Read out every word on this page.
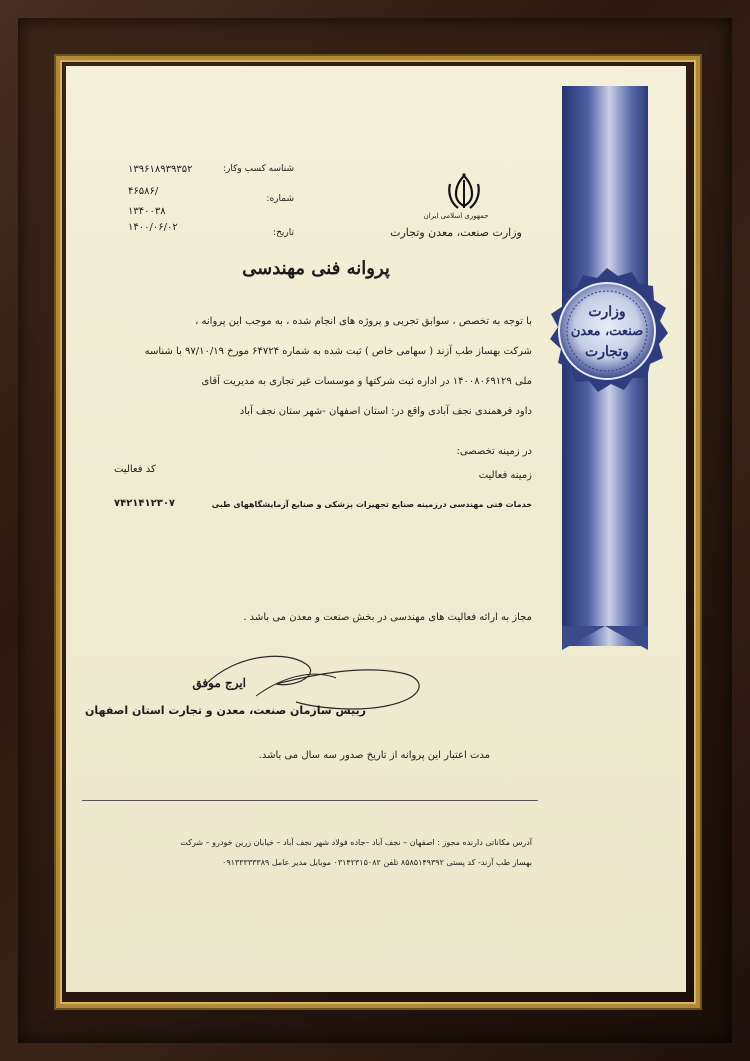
وزارت
صنعت، معدن
وتجارت
۱۳۹۶۱۸۹۳۹۳۵۲	شناسه کسب وکار:
۴۶۵۸۶/
شماره:
۱۳۴۰۰۳۸
۱۴۰۰/۰۶/۰۲	تاریخ:
جمهوری اسلامی ایران
وزارت صنعت، معدن وتجارت
پروانه فنی مهندسی
با توجه به تخصص ، سوابق تجربی و پروژه های انجام شده ، به موجب این پروانه ،
شرکت بهساز طب آزند ( سهامی خاص ) ثبت شده به شماره ۶۴۷۲۴ مورخ ۹۷/۱۰/۱۹ با شناسه
ملی ۱۴۰۰۸۰۶۹۱۲۹ در اداره ثبت شرکتها و موسسات غیر تجاری به مدیریت آقای
داود فرهمندی نجف آبادی واقع در: استان اصفهان -شهر ستان نجف آباد
در زمینه تخصصی:
زمینه فعالیت
کد فعالیت
خدمات فنی مهندسی درزمینه صنایع تجهیزات پزشکی و صنایع آزمایشگاههای طبی
۷۴۲۱۴۱۲۳۰۷
مجاز به ارائه فعالیت های مهندسی در بخش صنعت و معدن می باشد .
ایرج موفق
رییس سازمان صنعت، معدن و تجارت استان اصفهان
مدت اعتبار این پروانه از تاریخ صدور سه سال می باشد.
آدرس مکاناتی دارنده مجوز : اصفهان – نجف آباد –جاده فولاد شهر نجف آباد – خیابان زرین خودرو – شرکت
بهساز طب آزند- کد پستی ۸۵۸۵۱۴۹۳۹۲ تلفن ۰۳۱۴۲۳۱۵۰۸۲ موبایل مدیر عامل ۰۹۱۳۳۳۳۳۳۸۹
